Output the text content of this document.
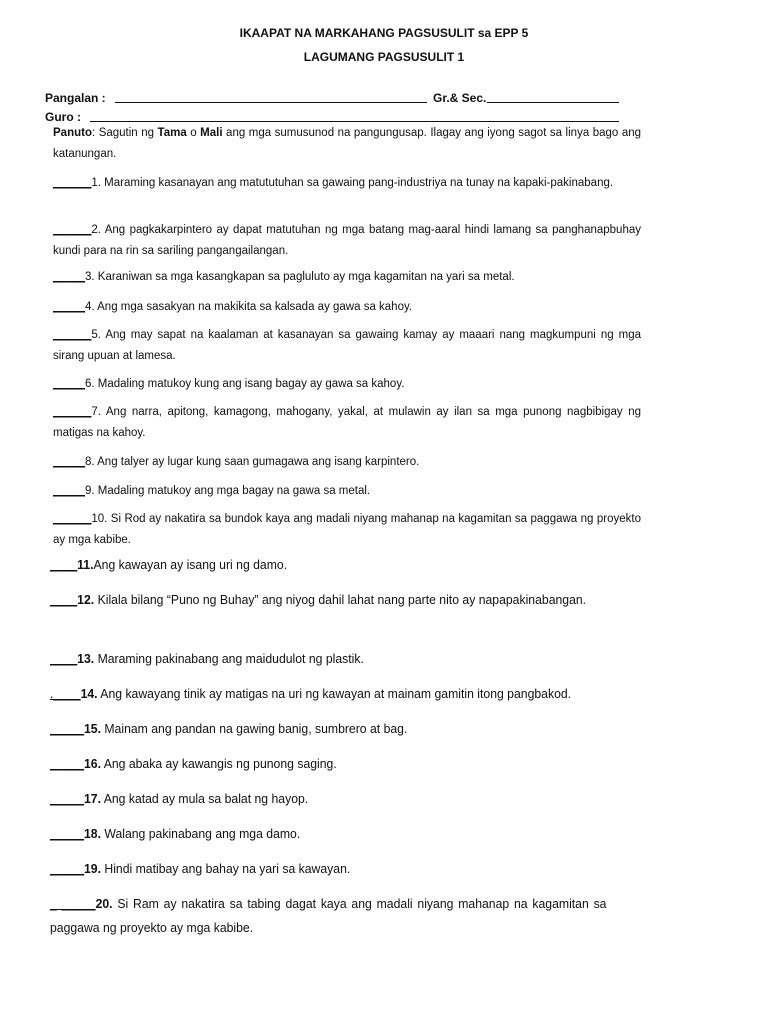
IKAAPAT NA MARKAHANG PAGSUSULIT sa EPP 5
LAGUMANG PAGSUSULIT 1
Pangalan :	Gr.& Sec.
Guro :
Panuto: Sagutin ng Tama o Mali ang mga sumusunod na pangungusap. Ilagay ang iyong sagot sa linya bago ang katanungan.
______1. Maraming kasanayan ang matututuhan sa gawaing pang-industriya na tunay na kapaki-pakinabang.
______2. Ang pagkakarpintero ay dapat matutuhan ng mga batang mag-aaral hindi lamang sa panghanapbuhay kundi para na rin sa sariling pangangailangan.
_____3. Karaniwan sa mga kasangkapan sa pagluluto ay mga kagamitan na yari sa metal.
_____4. Ang mga sasakyan na makikita sa kalsada ay gawa sa kahoy.
______5. Ang may sapat na kaalaman at kasanayan sa gawaing kamay ay maaari nang magkumpuni ng mga sirang upuan at lamesa.
_____6. Madaling matukoy kung ang isang bagay ay gawa sa kahoy.
______7. Ang narra, apitong, kamagong, mahogany, yakal, at mulawin ay ilan sa mga punong nagbibigay ng matigas na kahoy.
_____8. Ang talyer ay lugar kung saan gumagawa ang isang karpintero.
_____9. Madaling matukoy ang mga bagay na gawa sa metal.
______10. Si Rod ay nakatira sa bundok kaya ang madali niyang mahanap na kagamitan sa paggawa ng proyekto ay mga kabibe.
____11.Ang kawayan ay isang uri ng damo.
____12. Kilala bilang “Puno ng Buhay” ang niyog dahil lahat nang parte nito ay napapakinabangan.
____13. Maraming pakinabang ang maidudulot ng plastik.
.____14. Ang kawayang tinik ay matigas na uri ng kawayan at mainam gamitin itong pangbakod.
_____15. Mainam ang pandan na gawing banig, sumbrero at bag.
_____16. Ang abaka ay kawangis ng punong saging.
_____17. Ang katad ay mula sa balat ng hayop.
_____18. Walang pakinabang ang mga damo.
_____19. Hindi matibay ang bahay na yari sa kawayan.
_ _____20. Si Ram ay nakatira sa tabing dagat kaya ang madali niyang mahanap na kagamitan sa paggawa ng proyekto ay mga kabibe.
